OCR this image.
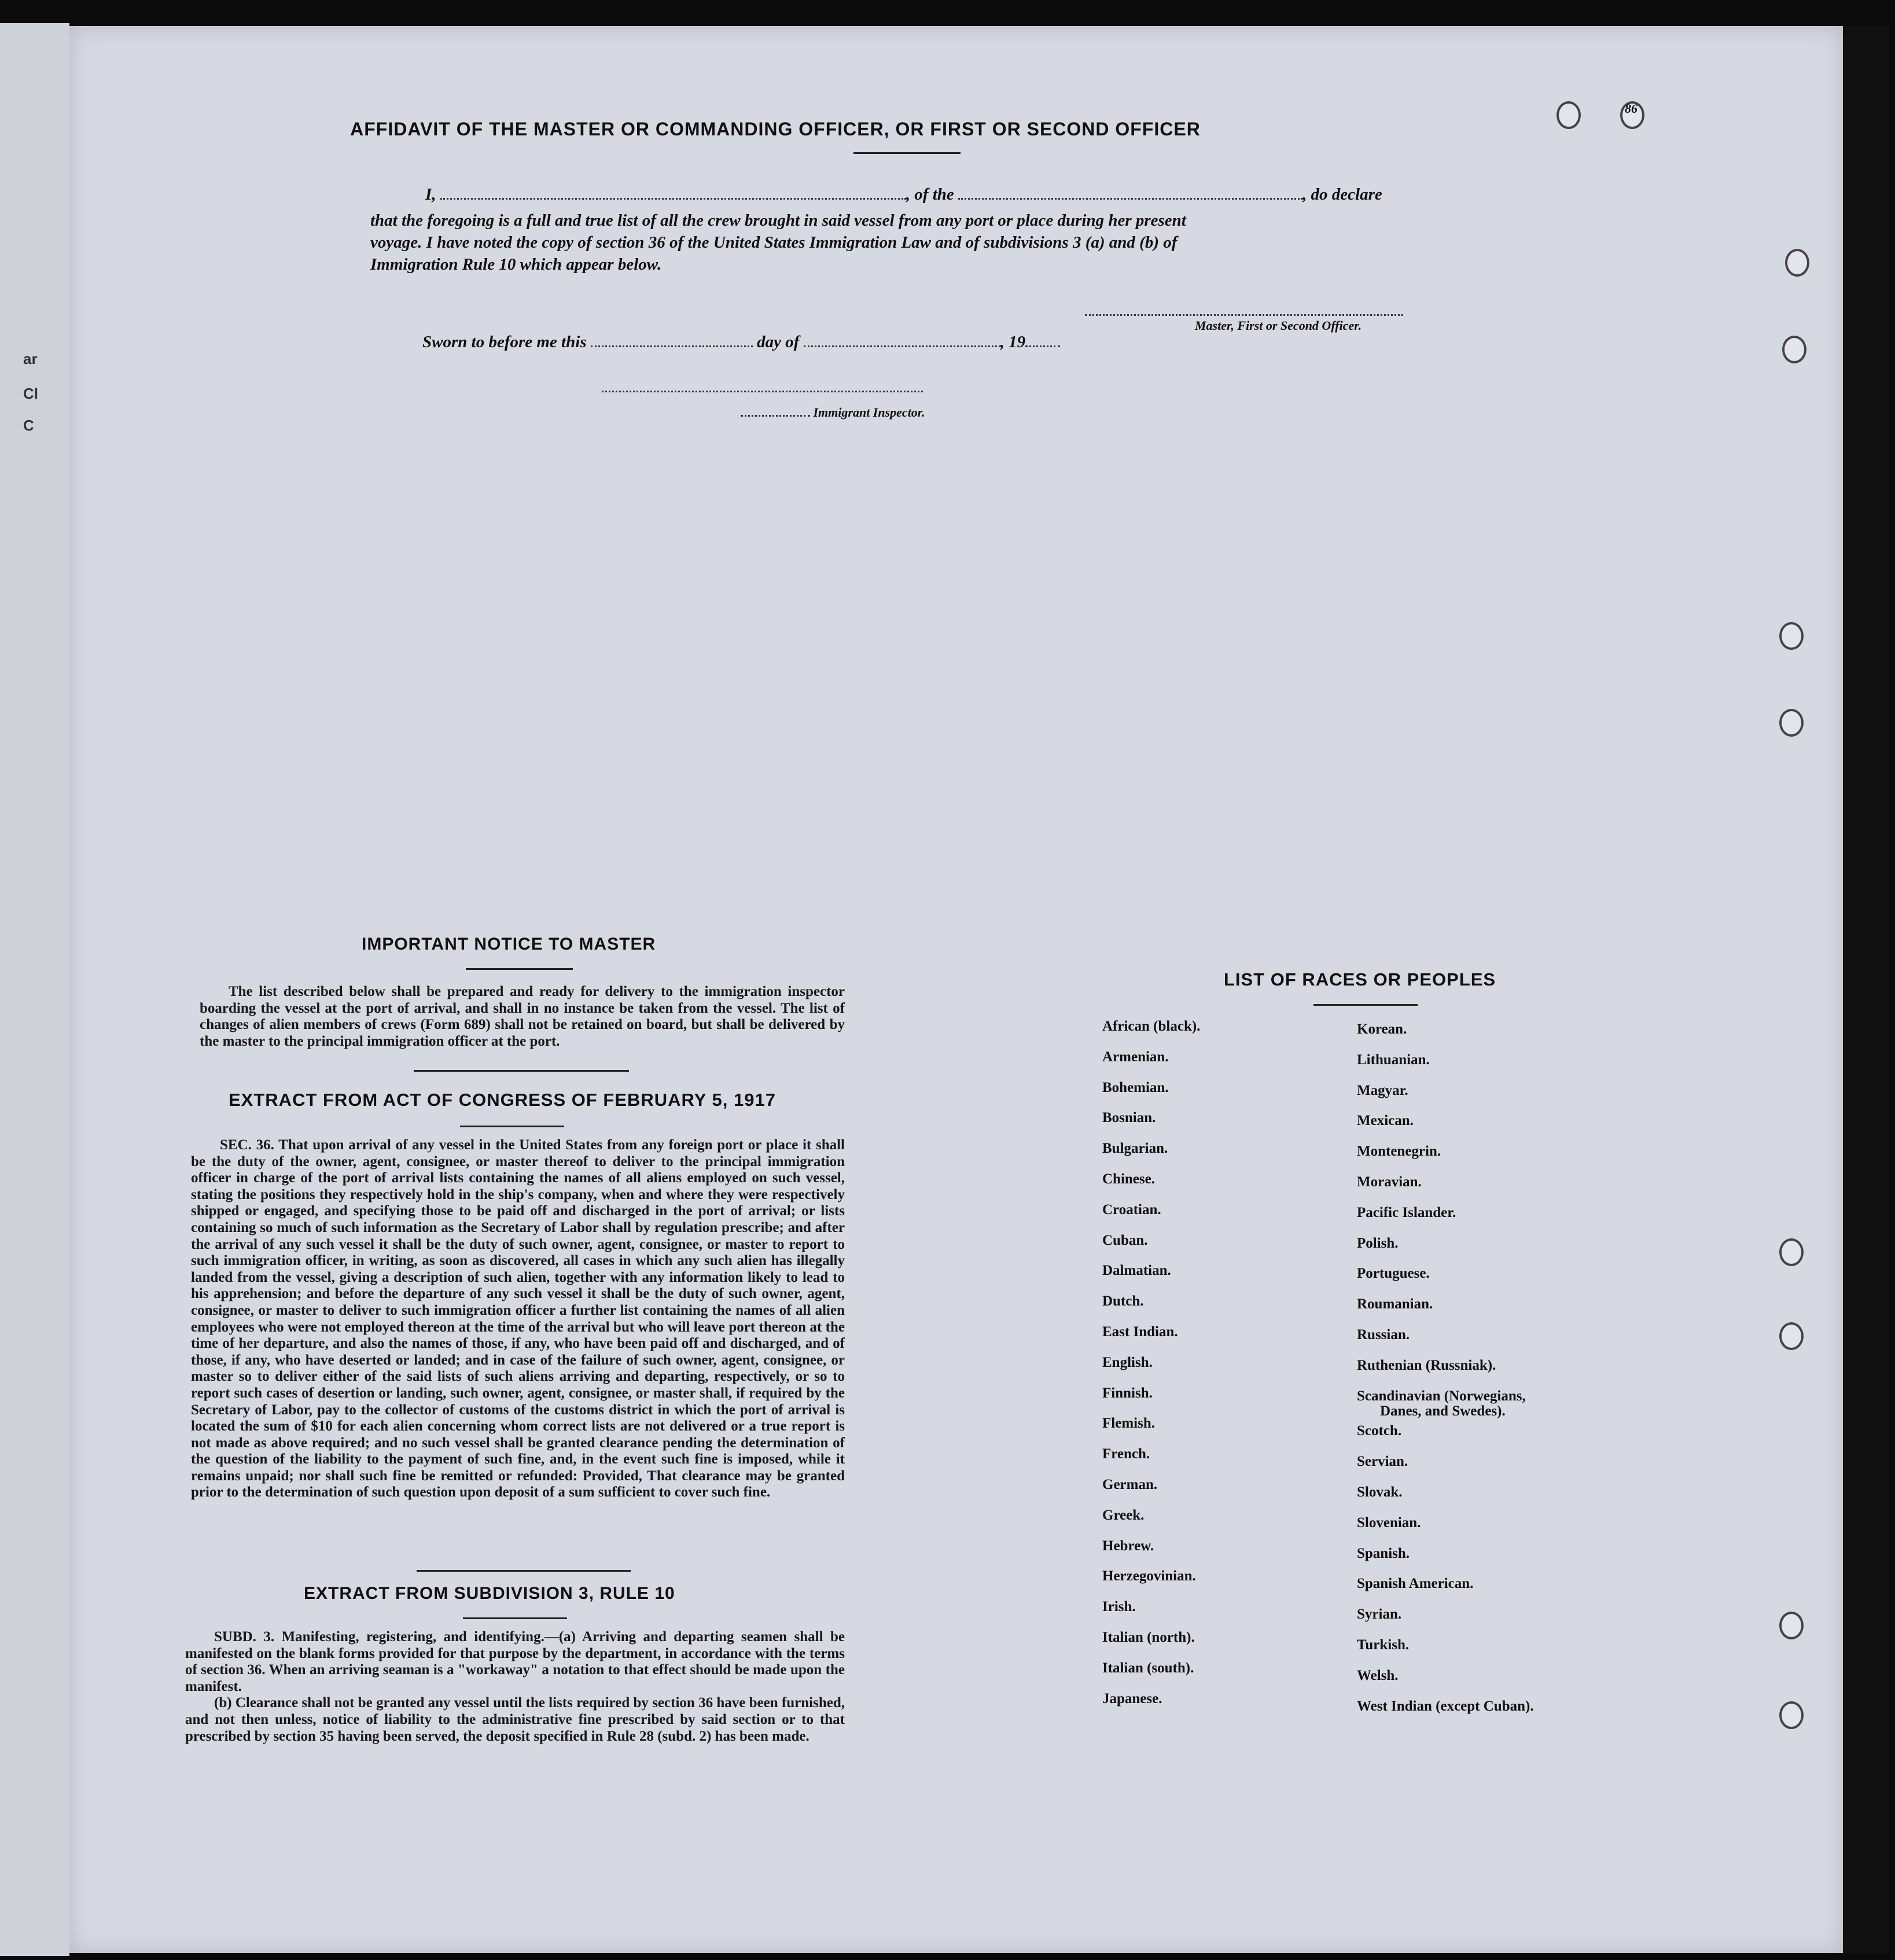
ar
Cl
C
86
AFFIDAVIT OF THE MASTER OR COMMANDING OFFICER, OR FIRST OR SECOND OFFICER
I,	, of the	, do declare
that the foregoing is a full and true list of all the crew brought in said vessel from any port or place during her present
voyage. I have noted the copy of section 36 of the United States Immigration Law and of subdivisions 3 (a) and (b) of
Immigration Rule 10 which appear below.
Master, First or Second Officer.
Sworn to before me this	day of	, 19
Immigrant Inspector.
IMPORTANT NOTICE TO MASTER

The list described below shall be prepared and ready for delivery to the immigration inspector boarding the vessel at the port of arrival, and shall in no instance be taken from the vessel. The list of changes of alien members of crews (Form 689) shall not be retained on board, but shall be delivered by the master to the principal immigration officer at the port.

EXTRACT FROM ACT OF CONGRESS OF FEBRUARY 5, 1917

SEC. 36. That upon arrival of any vessel in the United States from any foreign port or place it shall be the duty of the owner, agent, consignee, or master thereof to deliver to the principal immigration officer in charge of the port of arrival lists containing the names of all aliens employed on such vessel, stating the positions they respectively hold in the ship's company, when and where they were respectively shipped or engaged, and specifying those to be paid off and discharged in the port of arrival; or lists containing so much of such information as the Secretary of Labor shall by regulation prescribe; and after the arrival of any such vessel it shall be the duty of such owner, agent, consignee, or master to report to such immigration officer, in writing, as soon as discovered, all cases in which any such alien has illegally landed from the vessel, giving a description of such alien, together with any information likely to lead to his apprehension; and before the departure of any such vessel it shall be the duty of such owner, agent, consignee, or master to deliver to such immigration officer a further list containing the names of all alien employees who were not employed thereon at the time of the arrival but who will leave port thereon at the time of her departure, and also the names of those, if any, who have been paid off and discharged, and of those, if any, who have deserted or landed; and in case of the failure of such owner, agent, consignee, or master so to deliver either of the said lists of such aliens arriving and departing, respectively, or so to report such cases of desertion or landing, such owner, agent, consignee, or master shall, if required by the Secretary of Labor, pay to the collector of customs of the customs district in which the port of arrival is located the sum of $10 for each alien concerning whom correct lists are not delivered or a true report is not made as above required; and no such vessel shall be granted clearance pending the determination of the question of the liability to the payment of such fine, and, in the event such fine is imposed, while it remains unpaid; nor shall such fine be remitted or refunded: Provided, That clearance may be granted prior to the determination of such question upon deposit of a sum sufficient to cover such fine.

EXTRACT FROM SUBDIVISION 3, RULE 10

SUBD. 3. Manifesting, registering, and identifying.—(a) Arriving and departing seamen shall be manifested on the blank forms provided for that purpose by the department, in accordance with the terms of section 36. When an arriving seaman is a "workaway" a notation to that effect should be made upon the manifest.

(b) Clearance shall not be granted any vessel until the lists required by section 36 have been furnished, and not then unless, notice of liability to the administrative fine prescribed by said section or to that prescribed by section 35 having been served, the deposit specified in Rule 28 (subd. 2) has been made.

LIST OF RACES OR PEOPLES
African (black).
Armenian.
Bohemian.
Bosnian.
Bulgarian.
Chinese.
Croatian.
Cuban.
Dalmatian.
Dutch.
East Indian.
English.
Finnish.
Flemish.
French.
German.
Greek.
Hebrew.
Herzegovinian.
Irish.
Italian (north).
Italian (south).
Japanese.
Korean.
Lithuanian.
Magyar.
Mexican.
Montenegrin.
Moravian.
Pacific Islander.
Polish.
Portuguese.
Roumanian.
Russian.
Ruthenian (Russniak).
Scandinavian (Norwegians,
Scotch.
Servian.
Slovak.
Slovenian.
Spanish.
Spanish American.
Syrian.
Turkish.
Welsh.
West Indian (except Cuban).
Danes, and Swedes).
